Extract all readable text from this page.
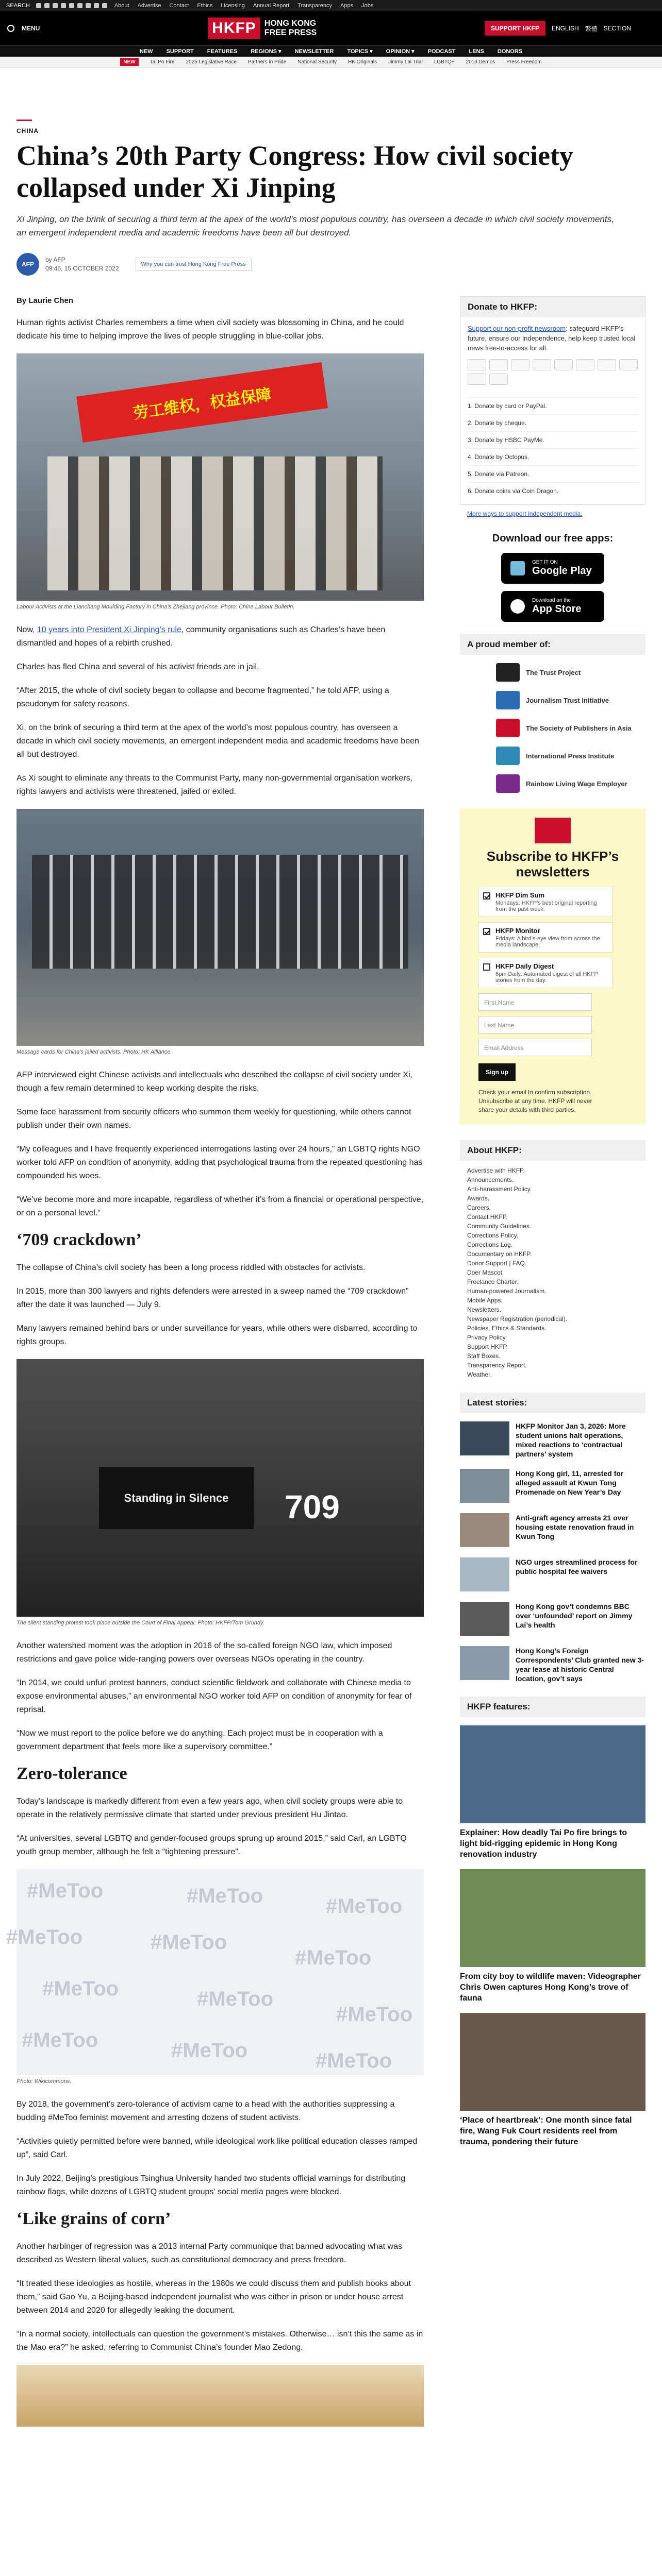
SEARCH	About Advertise Contact Ethics Licensing Annual Report Transparency Apps Jobs
MENU	HKFP	HONG KONG
FREE PRESS	SUPPORT HKFP	ENGLISH 繁體 SECTION
NEW SUPPORT FEATURES REGIONS ▾ NEWSLETTER TOPICS ▾ OPINION ▾ PODCAST LENS DONORS
NEW	Tai Po Fire 2025 Legislative Race Partners in Pride National Security HK Originals Jimmy Lai Trial LGBTQ+ 2019 Demos Press Freedom
CHINA
China’s 20th Party Congress: How civil society collapsed under Xi Jinping

Xi Jinping, on the brink of securing a third term at the apex of the world’s most populous country, has overseen a decade in which civil society movements, an emergent independent media and academic freedoms have been all but destroyed.

AFP
by AFP
09:45, 15 OCTOBER 2022
Why you can trust Hong Kong Free Press
By Laurie Chen

Human rights activist Charles remembers a time when civil society was blossoming in China, and he could dedicate his time to helping improve the lives of people struggling in blue-collar jobs.

劳工维权，权益保障
Labour Activists at the Lianchang Moulding Factory in China’s Zhejiang province. Photo: China Labour Bulletin.

Now, 10 years into President Xi Jinping’s rule, community organisations such as Charles’s have been dismantled and hopes of a rebirth crushed.

Charles has fled China and several of his activist friends are in jail.

“After 2015, the whole of civil society began to collapse and become fragmented,” he told AFP, using a pseudonym for safety reasons.

Xi, on the brink of securing a third term at the apex of the world’s most populous country, has overseen a decade in which civil society movements, an emergent independent media and academic freedoms have been all but destroyed.

As Xi sought to eliminate any threats to the Communist Party, many non-governmental organisation workers, rights lawyers and activists were threatened, jailed or exiled.

Message cards for China’s jailed activists. Photo: HK Alliance.

AFP interviewed eight Chinese activists and intellectuals who described the collapse of civil society under Xi, though a few remain determined to keep working despite the risks.

Some face harassment from security officers who summon them weekly for questioning, while others cannot publish under their own names.

“My colleagues and I have frequently experienced interrogations lasting over 24 hours,” an LGBTQ rights NGO worker told AFP on condition of anonymity, adding that psychological trauma from the repeated questioning has compounded his woes.

“We’ve become more and more incapable, regardless of whether it’s from a financial or operational perspective, or on a personal level.”

‘709 crackdown’

The collapse of China’s civil society has been a long process riddled with obstacles for activists.

In 2015, more than 300 lawyers and rights defenders were arrested in a sweep named the “709 crackdown” after the date it was launched — July 9.

Many lawyers remained behind bars or under surveillance for years, while others were disbarred, according to rights groups.

Standing in Silence	709
The silent standing protest took place outside the Court of Final Appeal. Photo: HKFP/Tom Grundy.

Another watershed moment was the adoption in 2016 of the so-called foreign NGO law, which imposed restrictions and gave police wide-ranging powers over overseas NGOs operating in the country.

“In 2014, we could unfurl protest banners, conduct scientific fieldwork and collaborate with Chinese media to expose environmental abuses,” an environmental NGO worker told AFP on condition of anonymity for fear of reprisal.

“Now we must report to the police before we do anything. Each project must be in cooperation with a government department that feels more like a supervisory committee.”

Zero-tolerance

Today’s landscape is markedly different from even a few years ago, when civil society groups were able to operate in the relatively permissive climate that started under previous president Hu Jintao.

“At universities, several LGBTQ and gender-focused groups sprung up around 2015,” said Carl, an LGBTQ youth group member, although he felt a “tightening pressure”.

#MeToo	#MeToo	#MeToo
#MeToo	#MeToo
#MeToo
#MeToo	#MeToo
#MeToo
#MeToo	#MeToo	#MeToo
Photo: Wikicommons.

By 2018, the government’s zero-tolerance of activism came to a head with the authorities suppressing a budding #MeToo feminist movement and arresting dozens of student activists.

“Activities quietly permitted before were banned, while ideological work like political education classes ramped up”, said Carl.

In July 2022, Beijing’s prestigious Tsinghua University handed two students official warnings for distributing rainbow flags, while dozens of LGBTQ student groups’ social media pages were blocked.

‘Like grains of corn’

Another harbinger of regression was a 2013 internal Party communique that banned advocating what was described as Western liberal values, such as constitutional democracy and press freedom.

“It treated these ideologies as hostile, whereas in the 1980s we could discuss them and publish books about them,” said Gao Yu, a Beijing-based independent journalist who was either in prison or under house arrest between 2014 and 2020 for allegedly leaking the document.

“In a normal society, intellectuals can question the government’s mistakes. Otherwise… isn’t this the same as in the Mao era?” he asked, referring to Communist China’s founder Mao Zedong.

Donate to HKFP:
Support our non-profit newsroom: safeguard HKFP’s future, ensure our independence, help keep trusted local news free-to-access for all.
1. Donate by card or PayPal.
2. Donate by cheque.
3. Donate by HSBC PayMe.
4. Donate by Octopus.
5. Donate via Patreon.
6. Donate coins via Coin Dragon.
More ways to support independent media.
Download our free apps:
GET IT ON
Google Play
Download on the
App Store
A proud member of:
The Trust Project
Journalism Trust Initiative
The Society of Publishers in Asia
International Press Institute
Rainbow Living Wage Employer
Subscribe to HKFP’s newsletters
HKFP Dim Sum
Mondays: HKFP’s best original reporting from the past week.
HKFP Monitor
Fridays: A bird’s-eye view from across the media landscape.
HKFP Daily Digest
6pm Daily: Automated digest of all HKFP stories from the day.
First Name
Last Name
Email Address
Sign up
Check your email to confirm subscription. Unsubscribe at any time. HKFP will never share your details with third parties.
About HKFP:
Advertise with HKFP.
Announcements.
Anti-harassment Policy.
Awards.
Careers.
Contact HKFP.
Community Guidelines.
Corrections Policy.
Corrections Log.
Documentary on HKFP.
Donor Support | FAQ.
Doer Mascot.
Freelance Charter.
Human-powered Journalism.
Mobile Apps.
Newsletters.
Newspaper Registration (periodical).
Policies, Ethics & Standards.
Privacy Policy.
Support HKFP.
Staff Boxes.
Transparency Report.
Weather.
Latest stories:
HKFP Monitor Jan 3, 2026: More student unions halt operations, mixed reactions to ‘contractual partners’ system
Hong Kong girl, 11, arrested for alleged assault at Kwun Tong Promenade on New Year’s Day
Anti-graft agency arrests 21 over housing estate renovation fraud in Kwun Tong
NGO urges streamlined process for public hospital fee waivers
Hong Kong gov’t condemns BBC over ‘unfounded’ report on Jimmy Lai’s health
Hong Kong’s Foreign Correspondents’ Club granted new 3-year lease at historic Central location, gov’t says
HKFP features:
Explainer: How deadly Tai Po fire brings to light bid-rigging epidemic in Hong Kong renovation industry
From city boy to wildlife maven: Videographer Chris Owen captures Hong Kong’s trove of fauna
‘Place of heartbreak’: One month since fatal fire, Wang Fuk Court residents reel from trauma, pondering their future
